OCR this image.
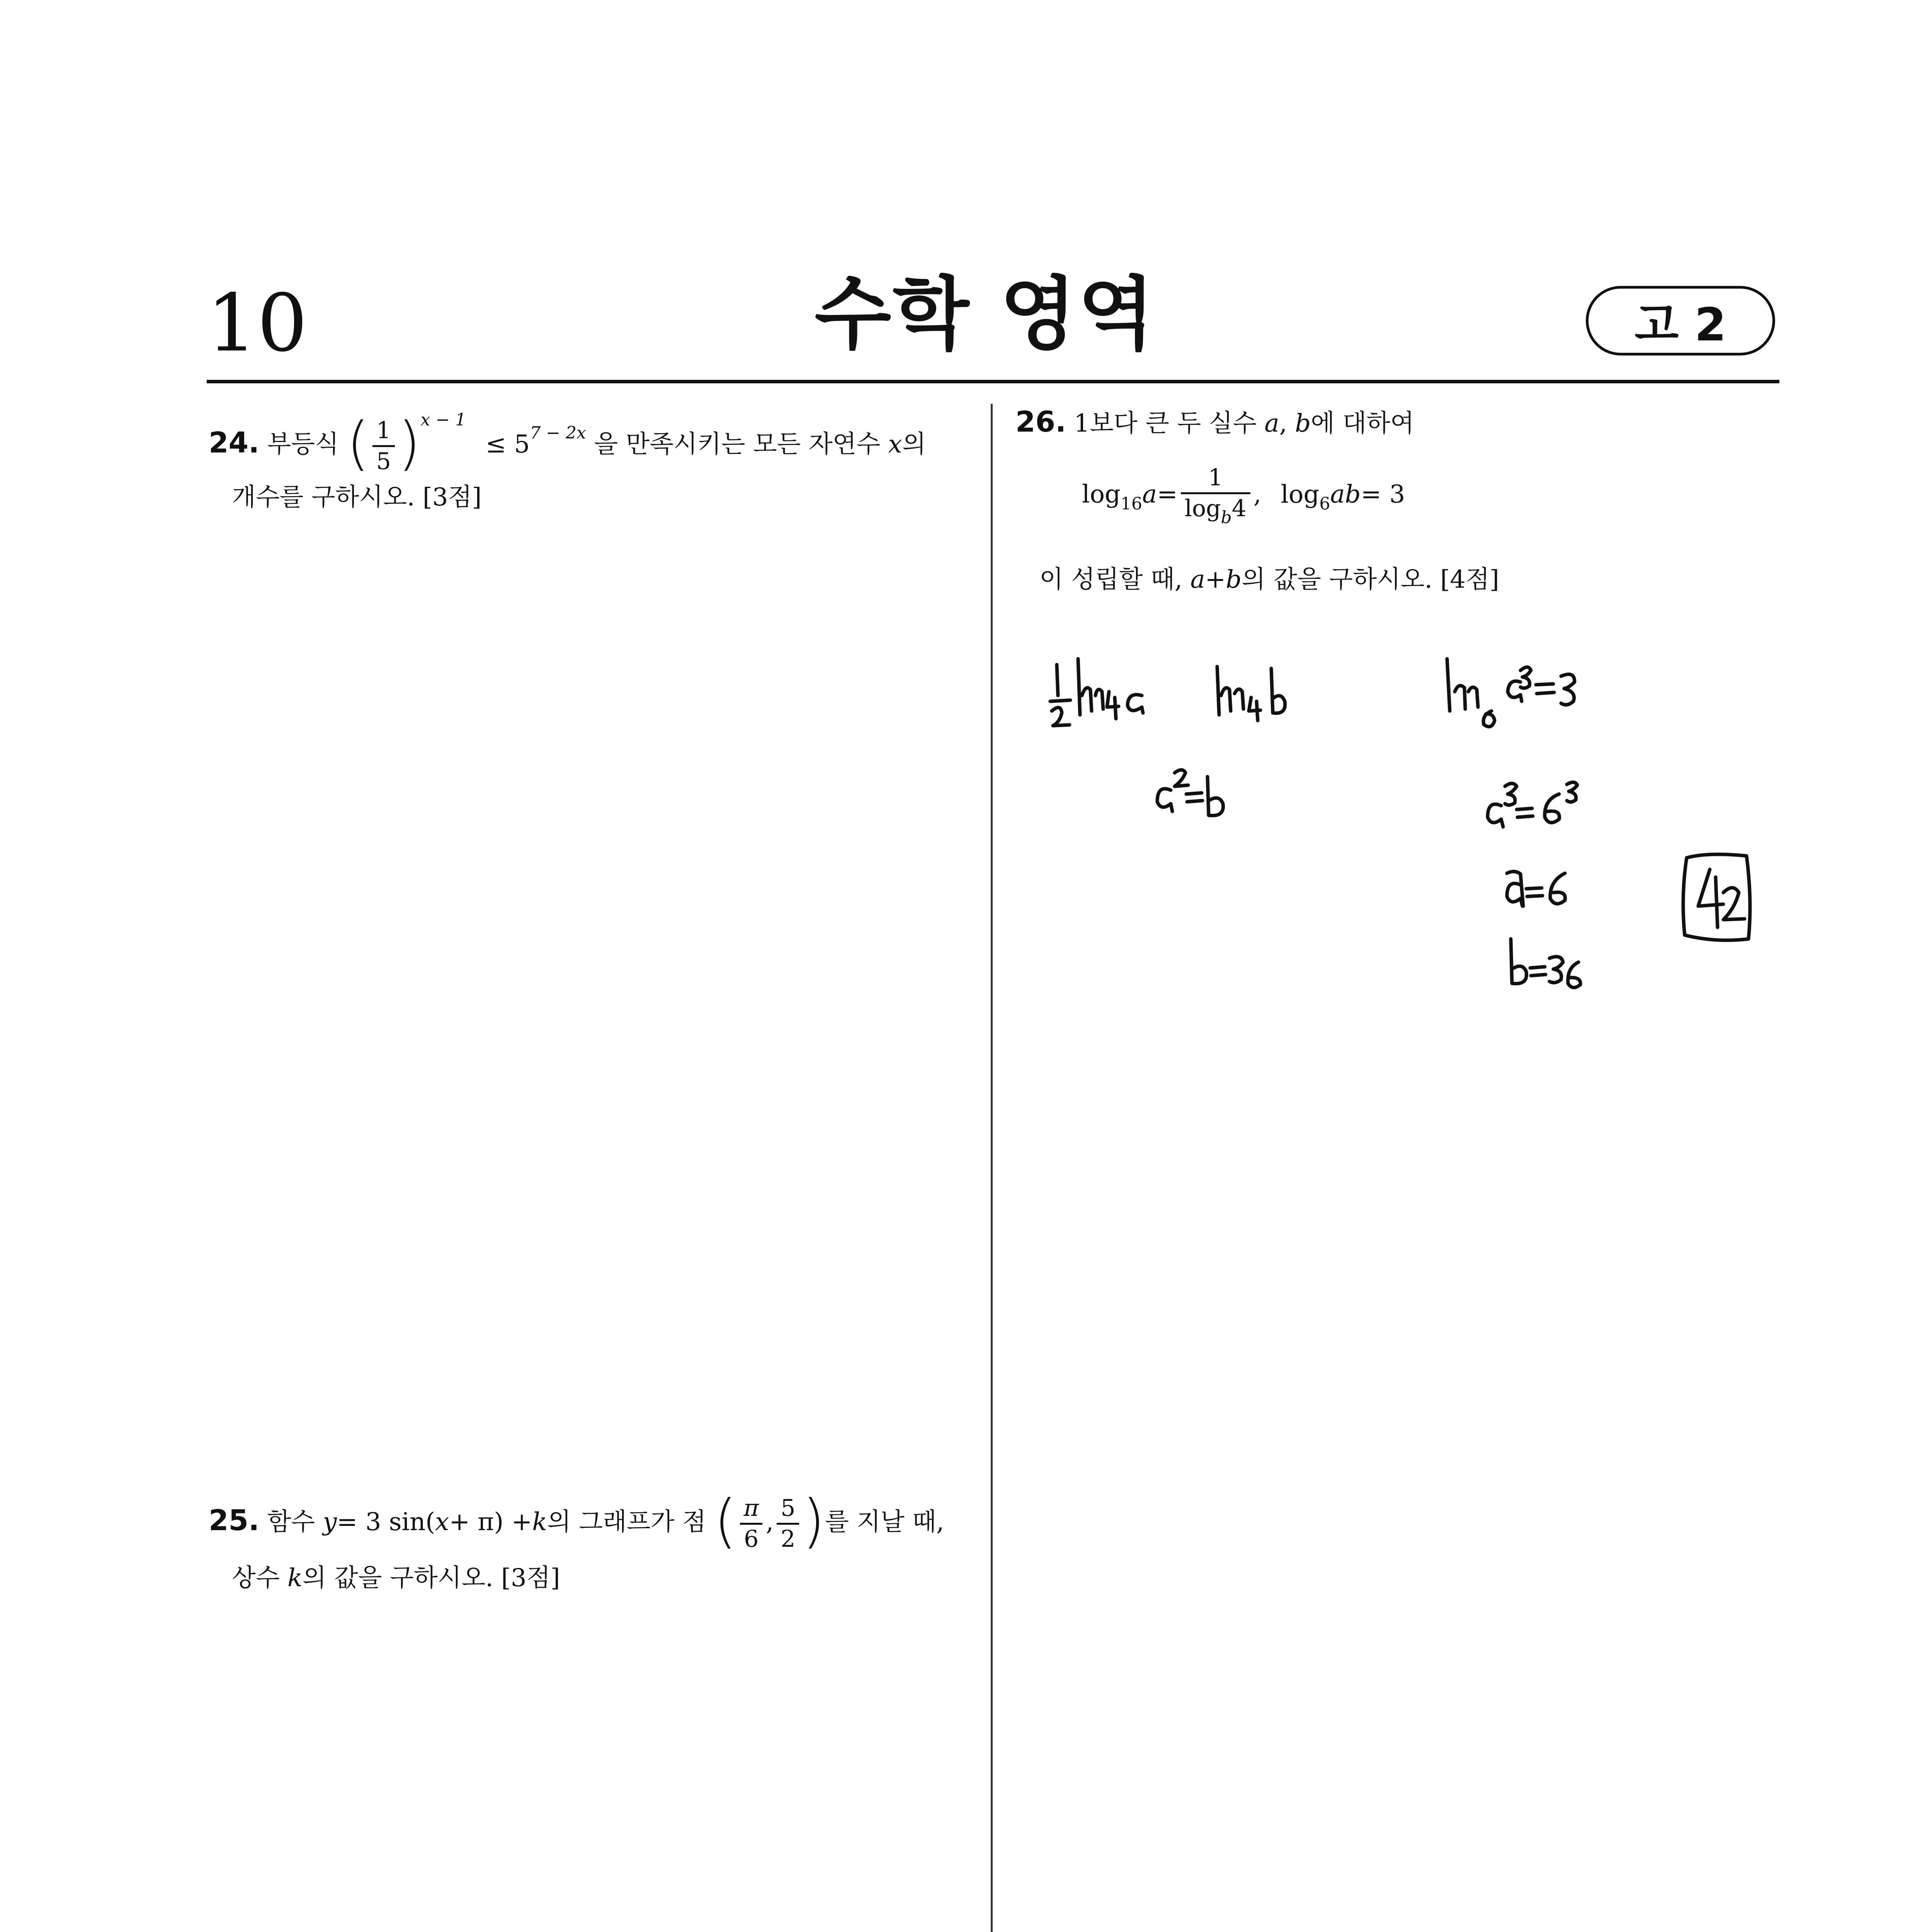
10	수학 영역	고 2
24. 부등식 ( $\frac{1}{5} )^{x - 1} \le 5^{7 - 2x}$ 을 만족시키는 모든 자연수 x의
개수를 구하시오. [3점]
25. 함수 y= 3 sin(x+ π) +k의 그래프가 점 ( $\frac{\pi}{6}$ , $\frac{5}{2}$ )를 지날 때,
상수 k의 값을 구하시오. [3점]
26. 1보다 큰 두 실수 a, b에 대하여
$\log_{16}a= \frac{1}{\log_b4}$ , $\log_6ab= 3$
이 성립할 때, a+b의 값을 구하시오. [4점]
